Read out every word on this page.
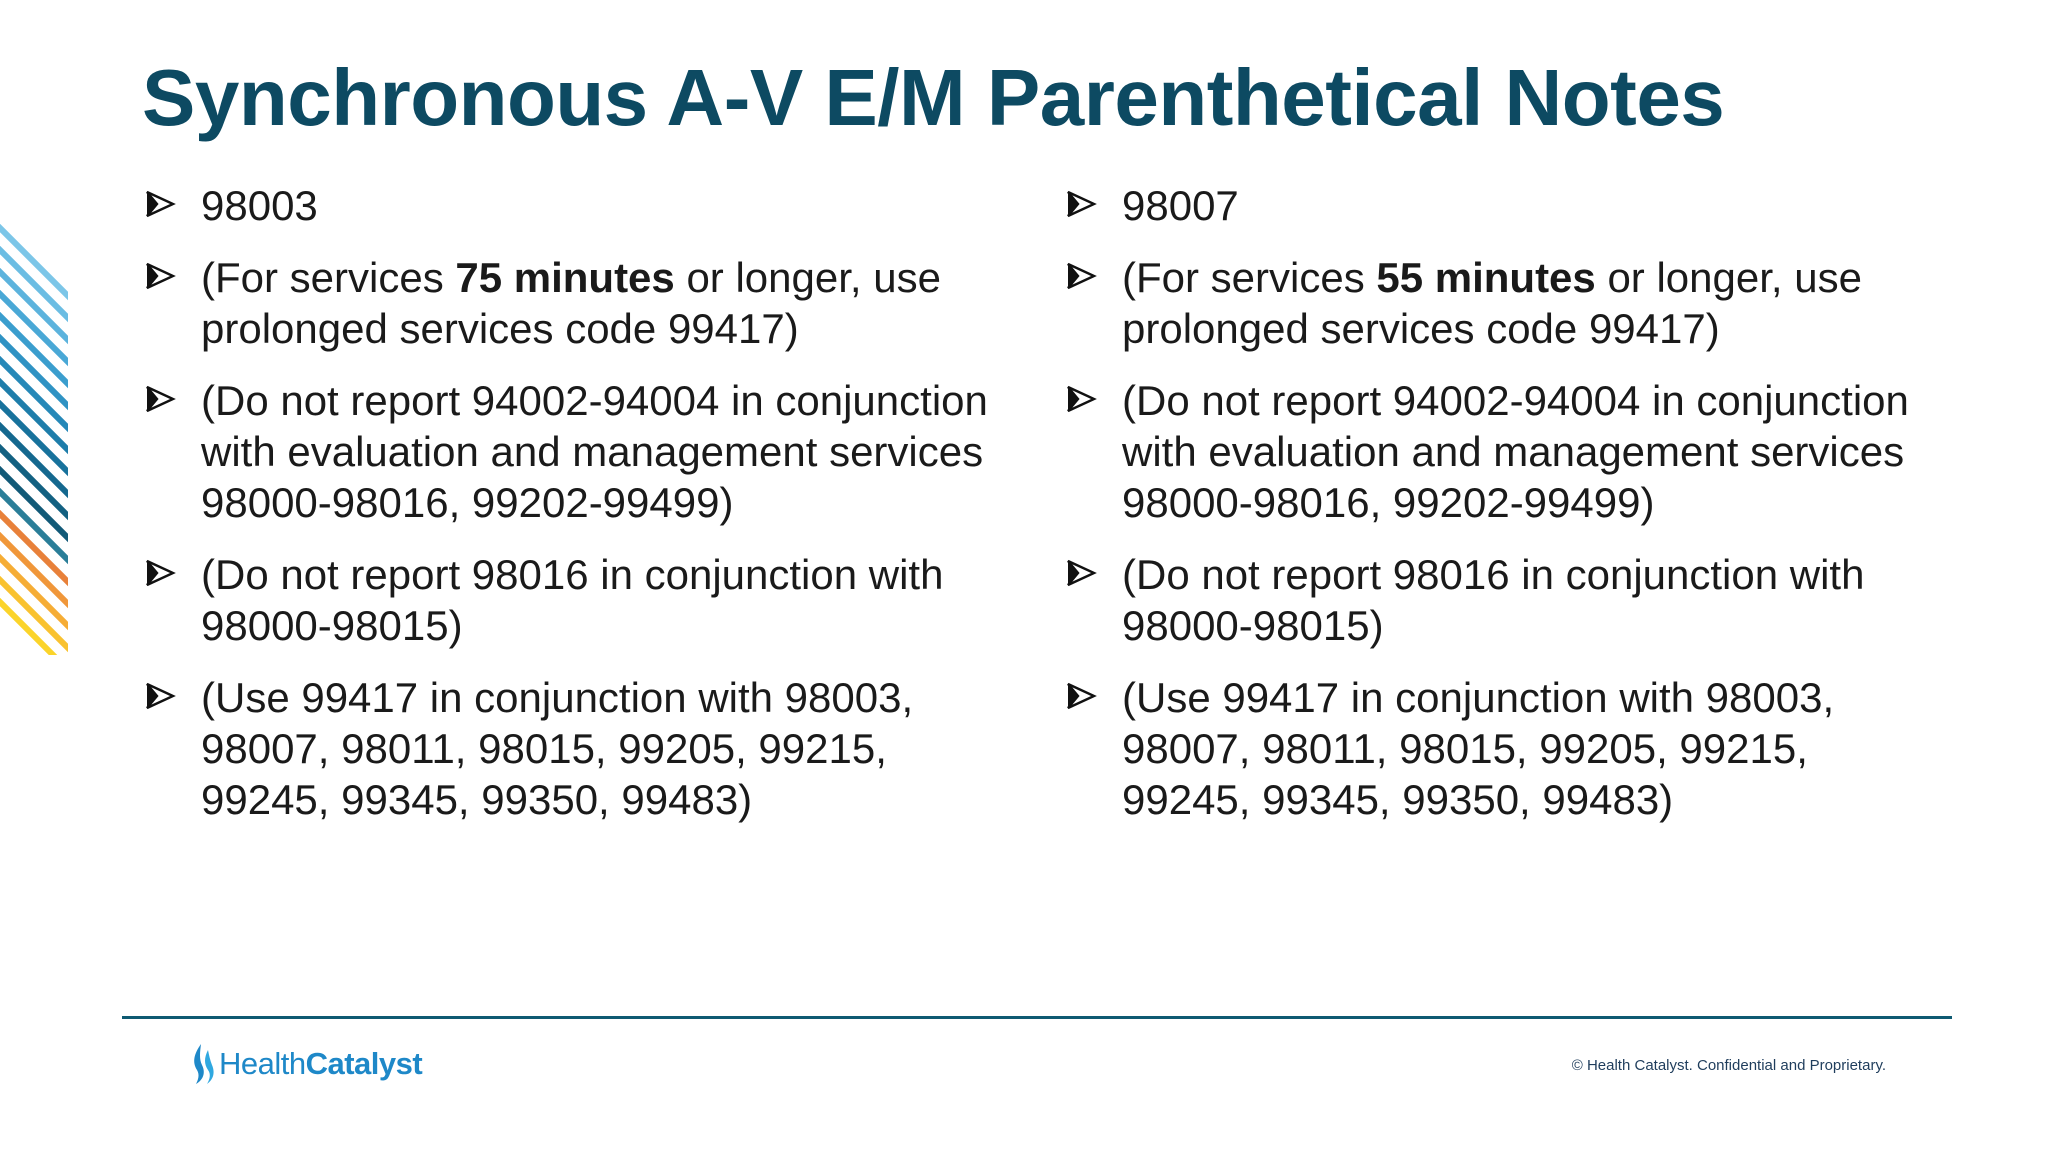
Synchronous A-V E/M Parenthetical Notes
98003
(For services 75 minutes or longer, use prolonged services code 99417)
(Do not report 94002-94004 in conjunction with evaluation and management services 98000-98016, 99202-99499)
(Do not report 98016 in conjunction with 98000-98015)
(Use 99417 in conjunction with 98003, 98007, 98011, 98015, 99205, 99215, 99245, 99345, 99350, 99483)
98007
(For services 55 minutes or longer, use prolonged services code 99417)
(Do not report 94002-94004 in conjunction with evaluation and management services 98000-98016, 99202-99499)
(Do not report 98016 in conjunction with 98000-98015)
(Use 99417 in conjunction with 98003, 98007, 98011, 98015, 99205, 99215, 99245, 99345, 99350, 99483)
Health Catalyst	© Health Catalyst. Confidential and Proprietary.
